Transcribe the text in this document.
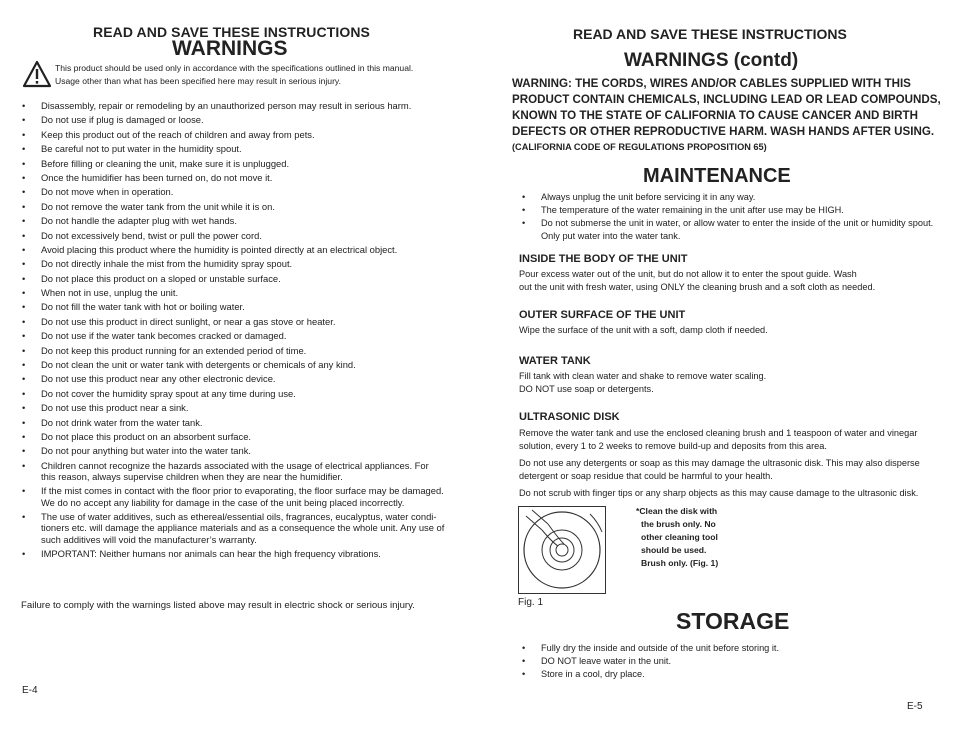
READ AND SAVE THESE INSTRUCTIONS
WARNINGS
This product should be used only in accordance with the specifications outlined in this manual. Usage other than what has been specified here may result in serious injury.
• Disassembly, repair or remodeling by an unauthorized person may result in serious harm.
• Do not use if plug is damaged or loose.
• Keep this product out of the reach of children and away from pets.
• Be careful not to put water in the humidity spout.
• Before filling or cleaning the unit, make sure it is unplugged.
• Once the humidifier has been turned on, do not move it.
• Do not move when in operation.
• Do not remove the water tank from the unit while it is on.
• Do not handle the adapter plug with wet hands.
• Do not excessively bend, twist or pull the power cord.
• Avoid placing this product where the humidity is pointed directly at an electrical object.
• Do not directly inhale the mist from the humidity spray spout.
• Do not place this product on a sloped or unstable surface.
• When not in use, unplug the unit.
• Do not fill the water tank with hot or boiling water.
• Do not use this product in direct sunlight, or near a gas stove or heater.
• Do not use if the water tank becomes cracked or damaged.
• Do not keep this product running for an extended period of time.
• Do not clean the unit or water tank with detergents or chemicals of any kind.
• Do not use this product near any other electronic device.
• Do not cover the humidity spray spout at any time during use.
• Do not use this product near a sink.
• Do not drink water from the water tank.
• Do not place this product on an absorbent surface.
• Do not pour anything but water into the water tank.
• Children cannot recognize the hazards associated with the usage of electrical appliances. For this reason, always supervise children when they are near the humidifier.
• If the mist comes in contact with the floor prior to evaporating, the floor surface may be damaged. We do no accept any liability for damage in the case of the unit being placed incorrectly.
• The use of water additives, such as ethereal/essential oils, fragrances, eucalyptus, water condi-tioners etc. will damage the appliance materials and as a consequence the whole unit. Any use of such additives will void the manufacturer’s warranty.
• IMPORTANT: Neither humans nor animals can hear the high frequency vibrations.
Failure to comply with the warnings listed above may result in electric shock or serious injury.
E-4
READ AND SAVE THESE INSTRUCTIONS
WARNINGS (contd)
WARNING: THE CORDS, WIRES AND/OR CABLES SUPPLIED WITH THIS
PRODUCT CONTAIN CHEMICALS, INCLUDING LEAD OR LEAD COMPOUNDS,
KNOWN TO THE STATE OF CALIFORNIA TO CAUSE CANCER AND BIRTH
DEFECTS OR OTHER REPRODUCTIVE HARM. WASH HANDS AFTER USING.
(CALIFORNIA CODE OF REGULATIONS PROPOSITION 65)
MAINTENANCE
• Always unplug the unit before servicing it in any way.
• The temperature of the water remaining in the unit after use may be HIGH.
• Do not submerse the unit in water, or allow water to enter the inside of the unit or humidity spout. Only put water into the water tank.
INSIDE THE BODY OF THE UNIT
Pour excess water out of the unit, but do not allow it to enter the spout guide. Wash
out the unit with fresh water, using ONLY the cleaning brush and a soft cloth as needed.
OUTER SURFACE OF THE UNIT
Wipe the surface of the unit with a soft, damp cloth if needed.
WATER TANK
Fill tank with clean water and shake to remove water scaling.
DO NOT use soap or detergents.
ULTRASONIC DISK
Remove the water tank and use the enclosed cleaning brush and 1 teaspoon of water and vinegar solution, every 1 to 2 weeks to remove build-up and deposits from this area.
Do not use any detergents or soap as this may damage the ultrasonic disk. This may also disperse detergent or soap residue that could be harmful to your health.
Do not scrub with finger tips or any sharp objects as this may cause damage to the ultrasonic disk.
*Clean the disk with
the brush only. No
other cleaning tool
should be used.
Brush only. (Fig. 1)
Fig. 1
STORAGE
• Fully dry the inside and outside of the unit before storing it.
• DO NOT leave water in the unit.
• Store in a cool, dry place.
E-5
